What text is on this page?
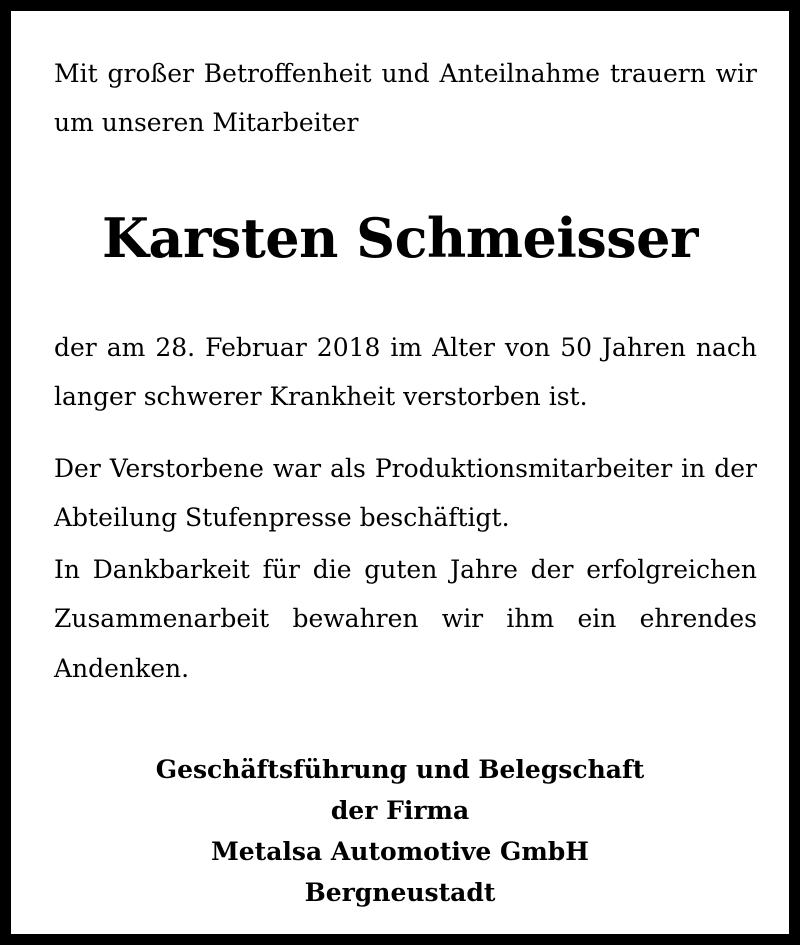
Mit großer Betroffenheit und Anteilnahme trauern wir

um unseren Mitarbeiter

Karsten Schmeisser

der am 28. Februar 2018 im Alter von 50 Jahren nach

langer schwerer Krankheit verstorben ist.

Der Verstorbene war als Produktionsmitarbeiter in der

Abteilung Stufenpresse beschäftigt.

In Dankbarkeit für die guten Jahre der erfolgreichen

Zusammenarbeit bewahren wir ihm ein ehrendes

Andenken.

Geschäftsführung und Belegschaft
der Firma
Metalsa Automotive GmbH
Bergneustadt
